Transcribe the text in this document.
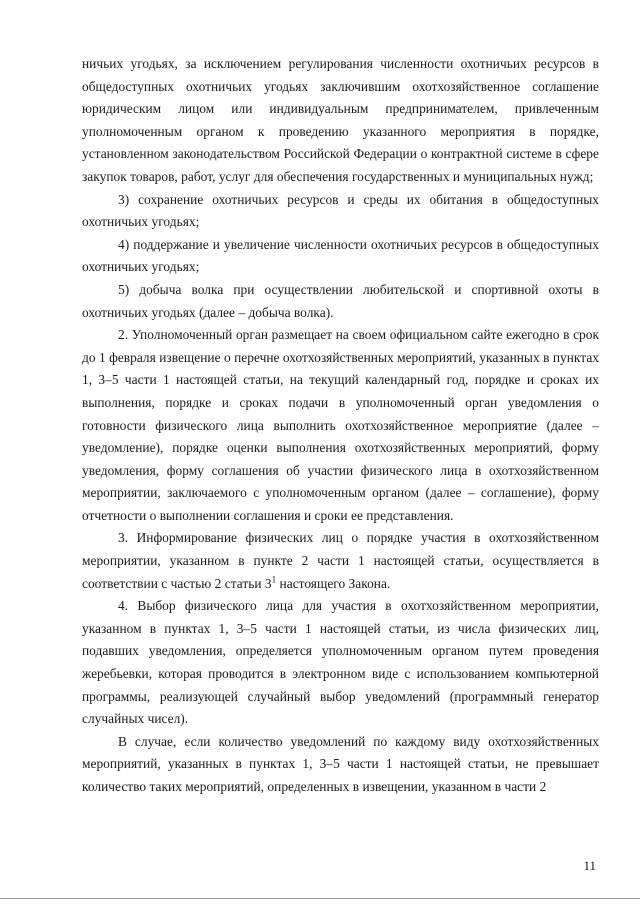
ничьих угодьях, за исключением регулирования численности охотничьих ресурсов в общедоступных охотничьих угодьях заключившим охотхозяйственное соглашение юридическим лицом или индивидуальным предпринимателем, привлеченным уполномоченным органом к проведению указанного мероприятия в порядке, установленном законодательством Российской Федерации о контрактной системе в сфере закупок товаров, работ, услуг для обеспечения государственных и муниципальных нужд;

3) сохранение охотничьих ресурсов и среды их обитания в общедоступных охотничьих угодьях;

4) поддержание и увеличение численности охотничьих ресурсов в общедоступных охотничьих угодьях;

5) добыча волка при осуществлении любительской и спортивной охоты в охотничьих угодьях (далее – добыча волка).

2. Уполномоченный орган размещает на своем официальном сайте ежегодно в срок до 1 февраля извещение о перечне охотхозяйственных мероприятий, указанных в пунктах 1, 3–5 части 1 настоящей статьи, на текущий календарный год, порядке и сроках их выполнения, порядке и сроках подачи в уполномоченный орган уведомления о готовности физического лица выполнить охотхозяйственное мероприятие (далее – уведомление), порядке оценки выполнения охотхозяйственных мероприятий, форму уведомления, форму соглашения об участии физического лица в охотхозяйственном мероприятии, заключаемого с уполномоченным органом (далее – соглашение), форму отчетности о выполнении соглашения и сроки ее представления.

3. Информирование физических лиц о порядке участия в охотхозяйственном мероприятии, указанном в пункте 2 части 1 настоящей статьи, осуществляется в соответствии с частью 2 статьи $3^1$ настоящего Закона.

4. Выбор физического лица для участия в охотхозяйственном мероприятии, указанном в пунктах 1, 3–5 части 1 настоящей статьи, из числа физических лиц, подавших уведомления, определяется уполномоченным органом путем проведения жеребьевки, которая проводится в электронном виде с использованием компьютерной программы, реализующей случайный выбор уведомлений (программный генератор случайных чисел).

В случае, если количество уведомлений по каждому виду охотхозяйственных мероприятий, указанных в пунктах 1, 3–5 части 1 настоящей статьи, не превышает количество таких мероприятий, определенных в извещении, указанном в части 2

11
